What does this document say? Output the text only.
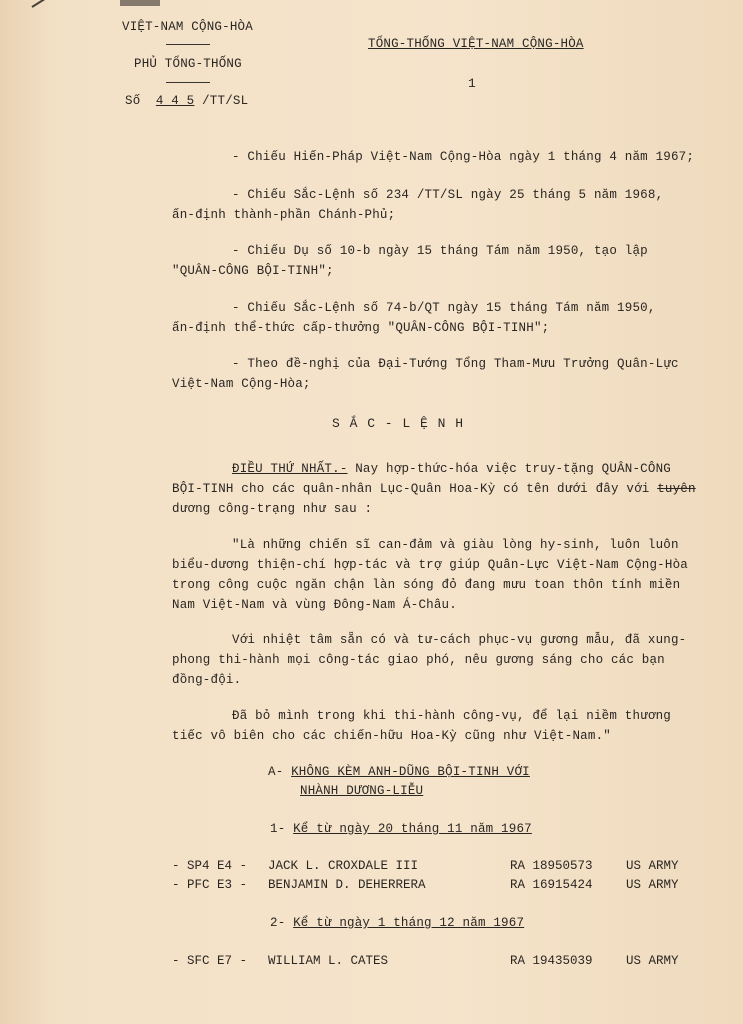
VIỆT-NAM CỘNG-HÒA
PHỦ TỔNG-THỐNG
Số 4 4 5 /TT/SL
TỔNG-THỐNG VIỆT-NAM CỘNG-HÒA
1
- Chiếu Hiến-Pháp Việt-Nam Cộng-Hòa ngày 1 tháng 4 năm 1967;
- Chiếu Sắc-Lệnh số 234 /TT/SL ngày 25 tháng 5 năm 1968,
ấn-định thành-phần Chánh-Phủ;
- Chiếu Dụ số 10-b ngày 15 tháng Tám năm 1950, tạo lập
"QUÂN-CÔNG BỘI-TINH";
- Chiếu Sắc-Lệnh số 74-b/QT ngày 15 tháng Tám năm 1950,
ấn-định thể-thức cấp-thưởng "QUÂN-CÔNG BỘI-TINH";
- Theo đề-nghị của Đại-Tướng Tổng Tham-Mưu Trưởng Quân-Lực
Việt-Nam Cộng-Hòa;
S Ắ C - L Ệ N H
ĐIỀU THỨ NHẤT.- Nay hợp-thức-hóa việc truy-tặng QUÂN-CÔNG
BỘI-TINH cho các quân-nhân Lục-Quân Hoa-Kỳ có tên dưới đây với tuyên
dương công-trạng như sau :
"Là những chiến sĩ can-đảm và giàu lòng hy-sinh, luôn luôn
biểu-dương thiện-chí hợp-tác và trợ giúp Quân-Lực Việt-Nam Cộng-Hòa
trong công cuộc ngăn chận làn sóng đỏ đang mưu toan thôn tính miền
Nam Việt-Nam và vùng Đông-Nam Á-Châu.
Với nhiệt tâm sẵn có và tư-cách phục-vụ gương mẫu, đã xung-
phong thi-hành mọi công-tác giao phó, nêu gương sáng cho các bạn
đồng-đội.
Đã bỏ mình trong khi thi-hành công-vụ, để lại niềm thương
tiếc vô biên cho các chiến-hữu Hoa-Kỳ cũng như Việt-Nam."
A- KHÔNG KÈM ANH-DŨNG BỘI-TINH VỚI
NHÀNH DƯƠNG-LIỄU
1- Kể từ ngày 20 tháng 11 năm 1967
- SP4 E4 - JACK L. CROXDALE III	RA 18950573	US ARMY
- PFC E3 - BENJAMIN D. DEHERRERA	RA 16915424	US ARMY
2- Kể từ ngày 1 tháng 12 năm 1967
- SFC E7 - WILLIAM L. CATES	RA 19435039	US ARMY
